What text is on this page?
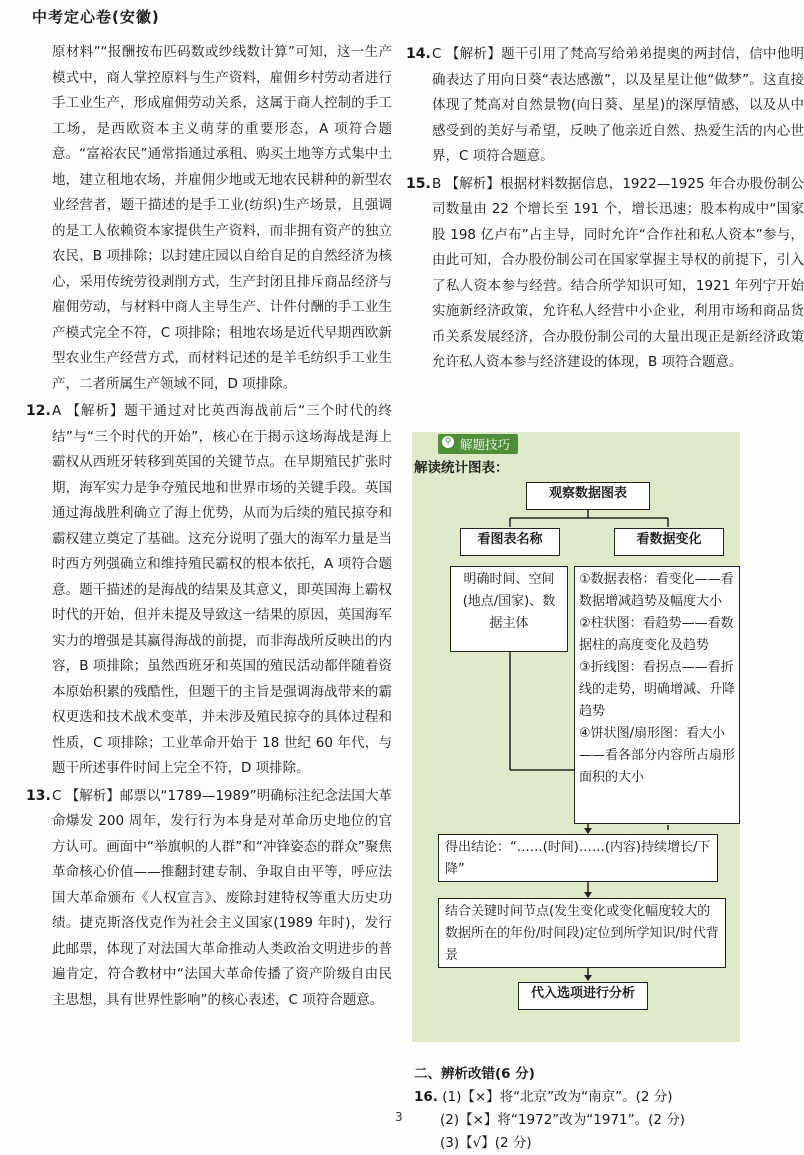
中考定心卷(安徽)

原材料”“报酬按布匹码数或纱线数计算”可知，这一生产模式中，商人掌控原料与生产资料，雇佣乡村劳动者进行手工业生产，形成雇佣劳动关系，这属于商人控制的手工工场，是西欧资本主义萌芽的重要形态，A 项符合题意。“富裕农民”通常指通过承租、购买土地等方式集中土地，建立租地农场，并雇佣少地或无地农民耕种的新型农业经营者，题干描述的是手工业(纺织)生产场景，且强调的是工人依赖资本家提供生产资料，而非拥有资产的独立农民，B 项排除；以封建庄园以自给自足的自然经济为核心，采用传统劳役剥削方式，生产封闭且排斥商品经济与雇佣劳动，与材料中商人主导生产、计件付酬的手工业生产模式完全不符，C 项排除；租地农场是近代早期西欧新型农业生产经营方式，而材料记述的是羊毛纺织手工业生产，二者所属生产领域不同，D 项排除。

12. A 【解析】题干通过对比英西海战前后“三个时代的终结”与“三个时代的开始”，核心在于揭示这场海战是海上霸权从西班牙转移到英国的关键节点。在早期殖民扩张时期，海军实力是争夺殖民地和世界市场的关键手段。英国通过海战胜利确立了海上优势，从而为后续的殖民掠夺和霸权建立奠定了基础。这充分说明了强大的海军力量是当时西方列强确立和维持殖民霸权的根本依托，A 项符合题意。题干描述的是海战的结果及其意义，即英国海上霸权时代的开始，但并未提及导致这一结果的原因，英国海军实力的增强是其赢得海战的前提，而非海战所反映出的内容，B 项排除；虽然西班牙和英国的殖民活动都伴随着资本原始积累的残酷性，但题干的主旨是强调海战带来的霸权更迭和技术战术变革，并未涉及殖民掠夺的具体过程和性质，C 项排除；工业革命开始于 18 世纪 60 年代，与题干所述事件时间上完全不符，D 项排除。

13. C 【解析】邮票以“1789—1989”明确标注纪念法国大革命爆发 200 周年，发行行为本身是对革命历史地位的官方认可。画面中“举旗帜的人群”和“冲锋姿态的群众”聚焦革命核心价值——推翻封建专制、争取自由平等，呼应法国大革命颁布《人权宣言》、废除封建特权等重大历史功绩。捷克斯洛伐克作为社会主义国家(1989 年时)，发行此邮票，体现了对法国大革命推动人类政治文明进步的普遍肯定，符合教材中“法国大革命传播了资产阶级自由民主思想，具有世界性影响”的核心表述，C 项符合题意。

14. C 【解析】题干引用了梵高写给弟弟提奥的两封信，信中他明确表达了用向日葵“表达感激”，以及星星让他“做梦”。这直接体现了梵高对自然景物(向日葵、星星)的深厚情感，以及从中感受到的美好与希望，反映了他亲近自然、热爱生活的内心世界，C 项符合题意。

15. B 【解析】根据材料数据信息，1922—1925 年合办股份制公司数量由 22 个增长至 191 个，增长迅速；股本构成中“国家股 198 亿卢布”占主导，同时允许“合作社和私人资本”参与，由此可知，合办股份制公司在国家掌握主导权的前提下，引入了私人资本参与经营。结合所学知识可知，1921 年列宁开始实施新经济政策，允许私人经营中小企业，利用市场和商品货币关系发展经济，合办股份制公司的大量出现正是新经济政策允许私人资本参与经济建设的体现，B 项符合题意。

⚲ 解题技巧
解读统计图表：
观察数据图表
看图表名称	看数据变化
明确时间、空间(地点/国家)、数据主体
①数据表格：看变化——看数据增减趋势及幅度大小
②柱状图：看趋势——看数据柱的高度变化及趋势
③折线图：看拐点——看折线的走势，明确增减、升降趋势
④饼状图/扇形图：看大小——看各部分内容所占扇形面积的大小
得出结论：“……(时间)……(内容)持续增长/下降”
结合关键时间节点(发生变化或变化幅度较大的数据所在的年份/时间段)定位到所学知识/时代背景
代入选项进行分析
二、辨析改错(6 分)
16. (1)【×】将“北京”改为“南京”。(2 分)
(2)【×】将“1972”改为“1971”。(2 分)
(3)【√】(2 分)
3
